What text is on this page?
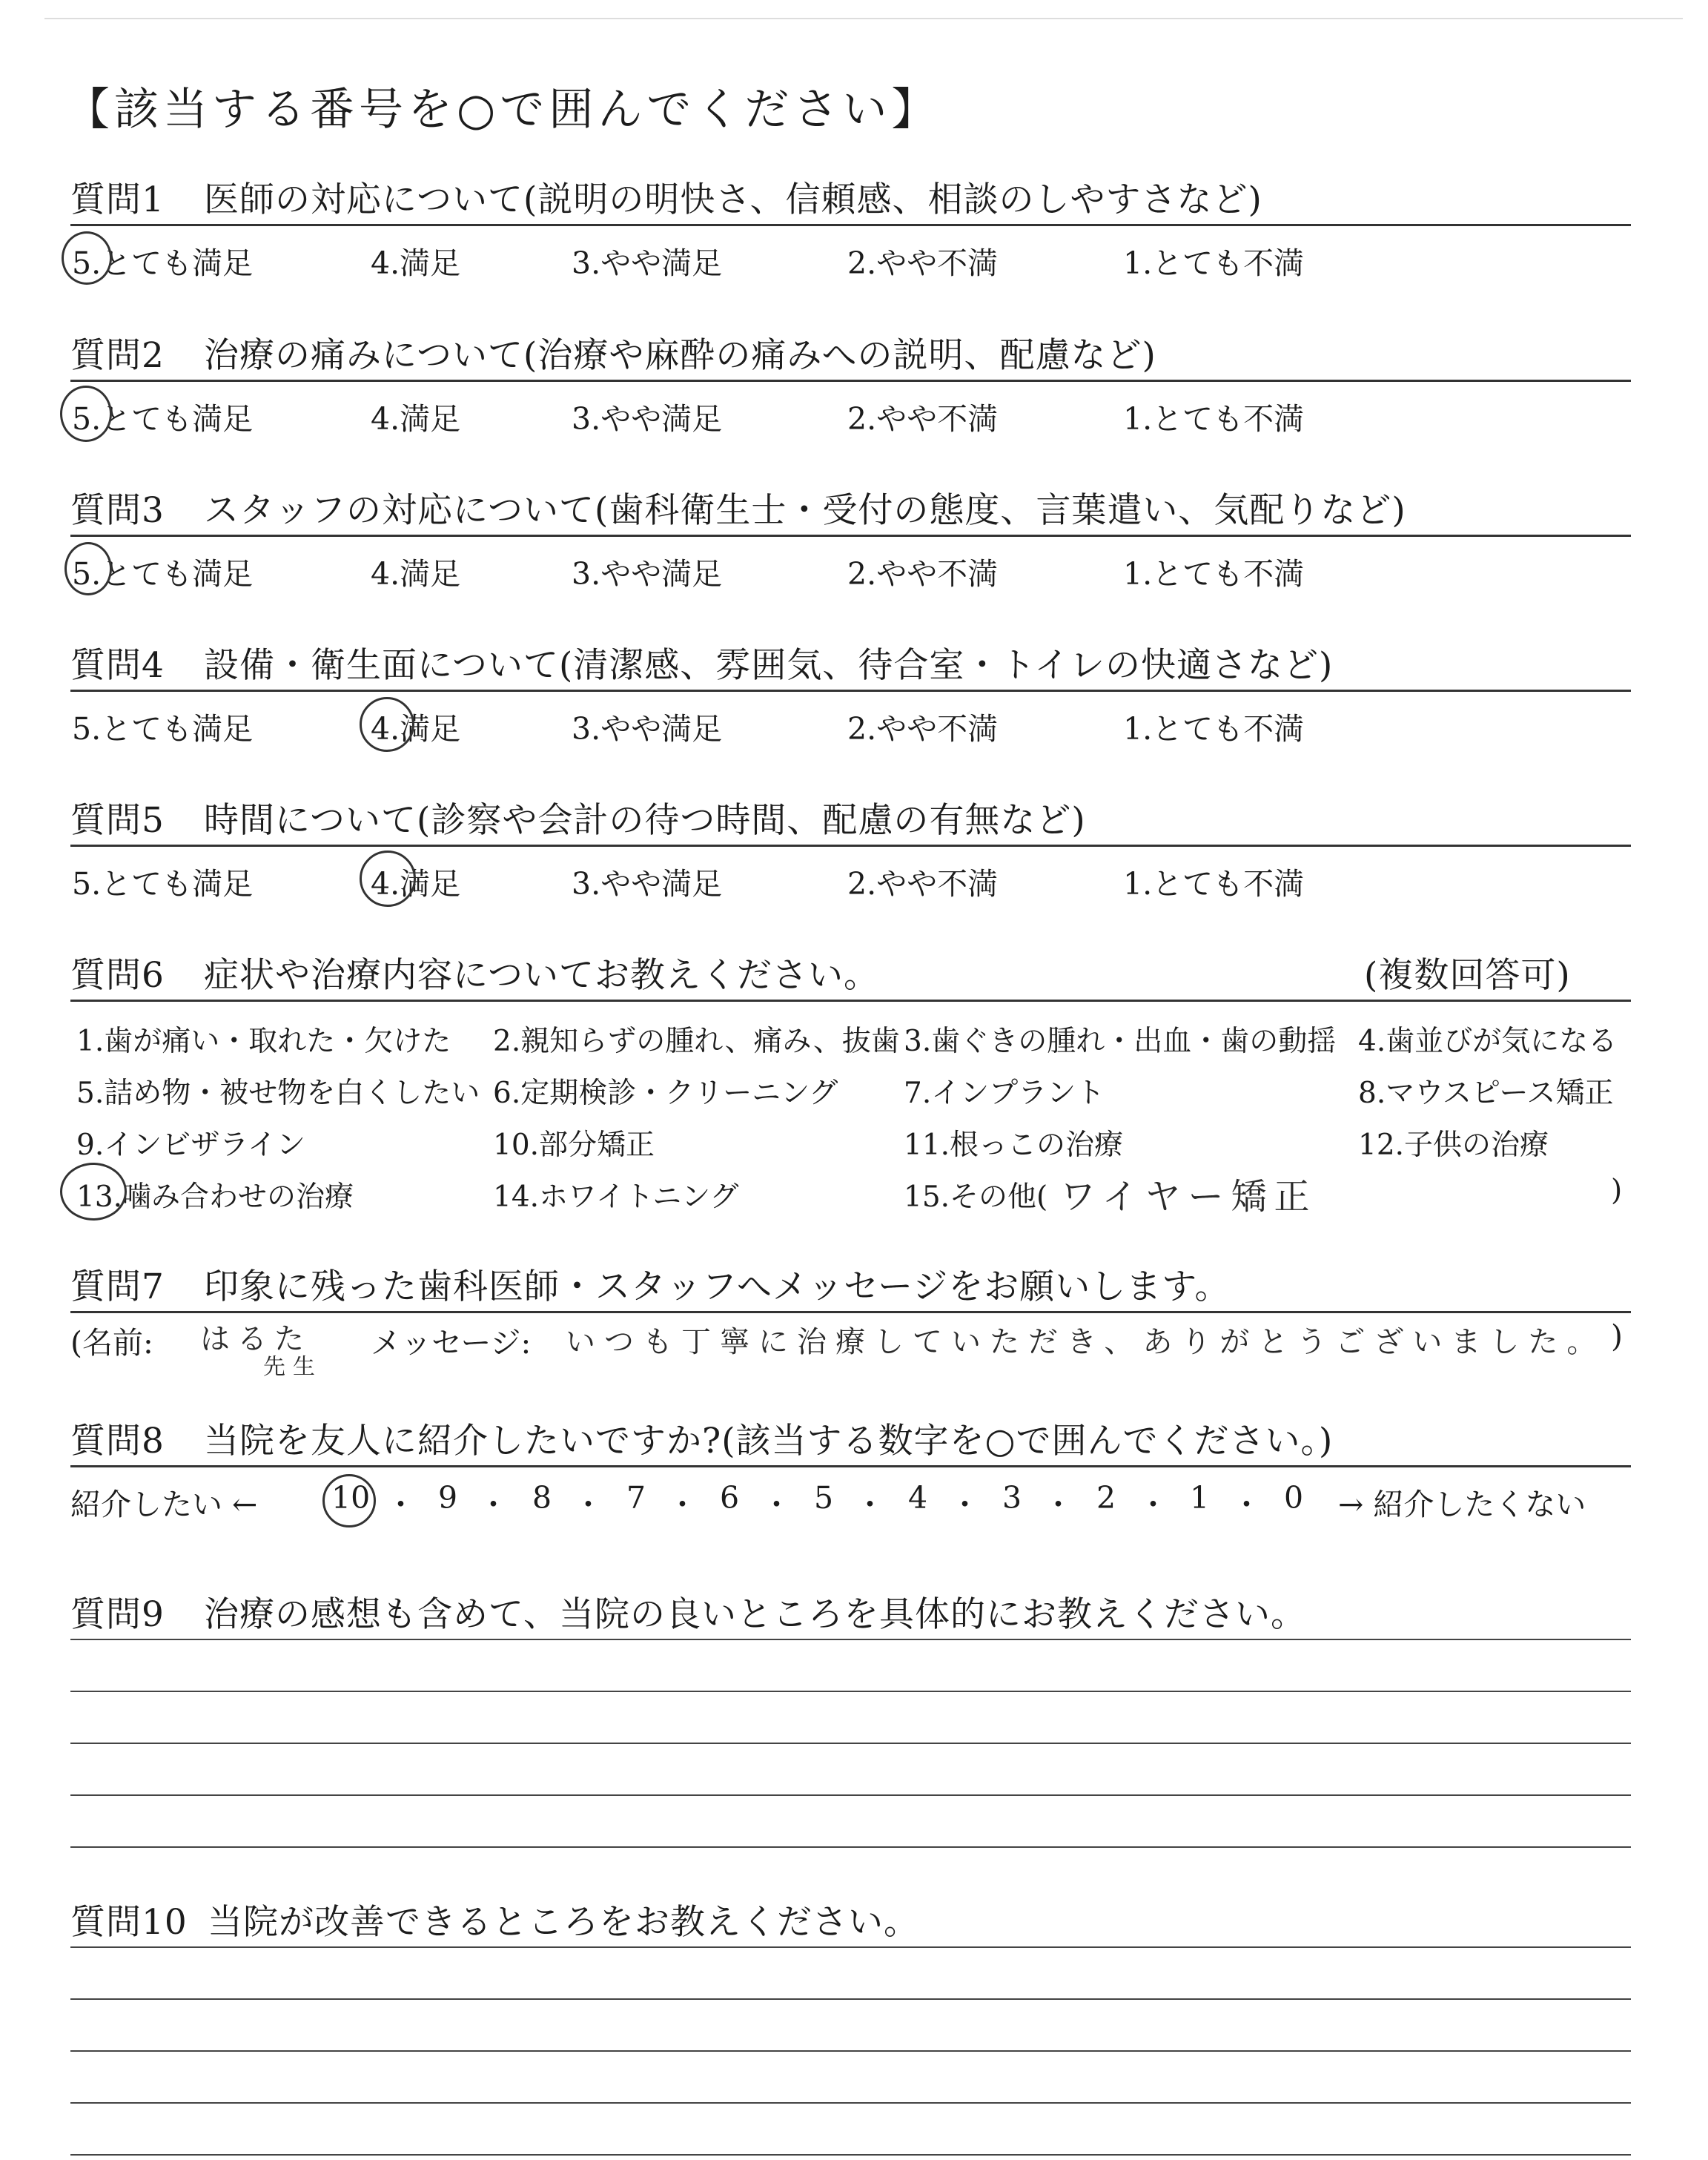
【該当する番号を○で囲んでください】
質問1 医師の対応について(説明の明快さ、信頼感、相談のしやすさなど)
5.とても満足	4.満足	3.やや満足	2.やや不満	1.とても不満
質問2 治療の痛みについて(治療や麻酔の痛みへの説明、配慮など)
5.とても満足	4.満足	3.やや満足	2.やや不満	1.とても不満
質問3 スタッフの対応について(歯科衛生士・受付の態度、言葉遣い、気配りなど)
5.とても満足	4.満足	3.やや満足	2.やや不満	1.とても不満
質問4 設備・衛生面について(清潔感、雰囲気、待合室・トイレの快適さなど)
5.とても満足	4.満足	3.やや満足	2.やや不満	1.とても不満
質問5 時間について(診察や会計の待つ時間、配慮の有無など)
5.とても満足	4.満足	3.やや満足	2.やや不満	1.とても不満
質問6 症状や治療内容についてお教えください。	(複数回答可)
1.歯が痛い・取れた・欠けた 2.親知らずの腫れ、痛み、抜歯 3.歯ぐきの腫れ・出血・歯の動揺 4.歯並びが気になる
5.詰め物・被せ物を白くしたい 6.定期検診・クリーニング 7.インプラント	8.マウスピース矯正
9.インビザライン	10.部分矯正	11.根っこの治療	12.子供の治療
13.噛み合わせの治療	14.ホワイトニング	15.その他(	)
ワイヤー矯正
質問7 印象に残った歯科医師・スタッフへメッセージをお願いします。
(名前: はるた
先生
メッセージ: いつも丁寧に治療していただき、ありがとうございました。 )
質問8 当院を友人に紹介したいですか?(該当する数字を○で囲んでください。)
紹介したい ←	→ 紹介したくない
10 ・ 9 ・ 8 ・ 7 ・ 6 ・ 5 ・ 4 ・ 3 ・ 2 ・ 1 ・ 0
質問9 治療の感想も含めて、当院の良いところを具体的にお教えください。
質問10 当院が改善できるところをお教えください。
